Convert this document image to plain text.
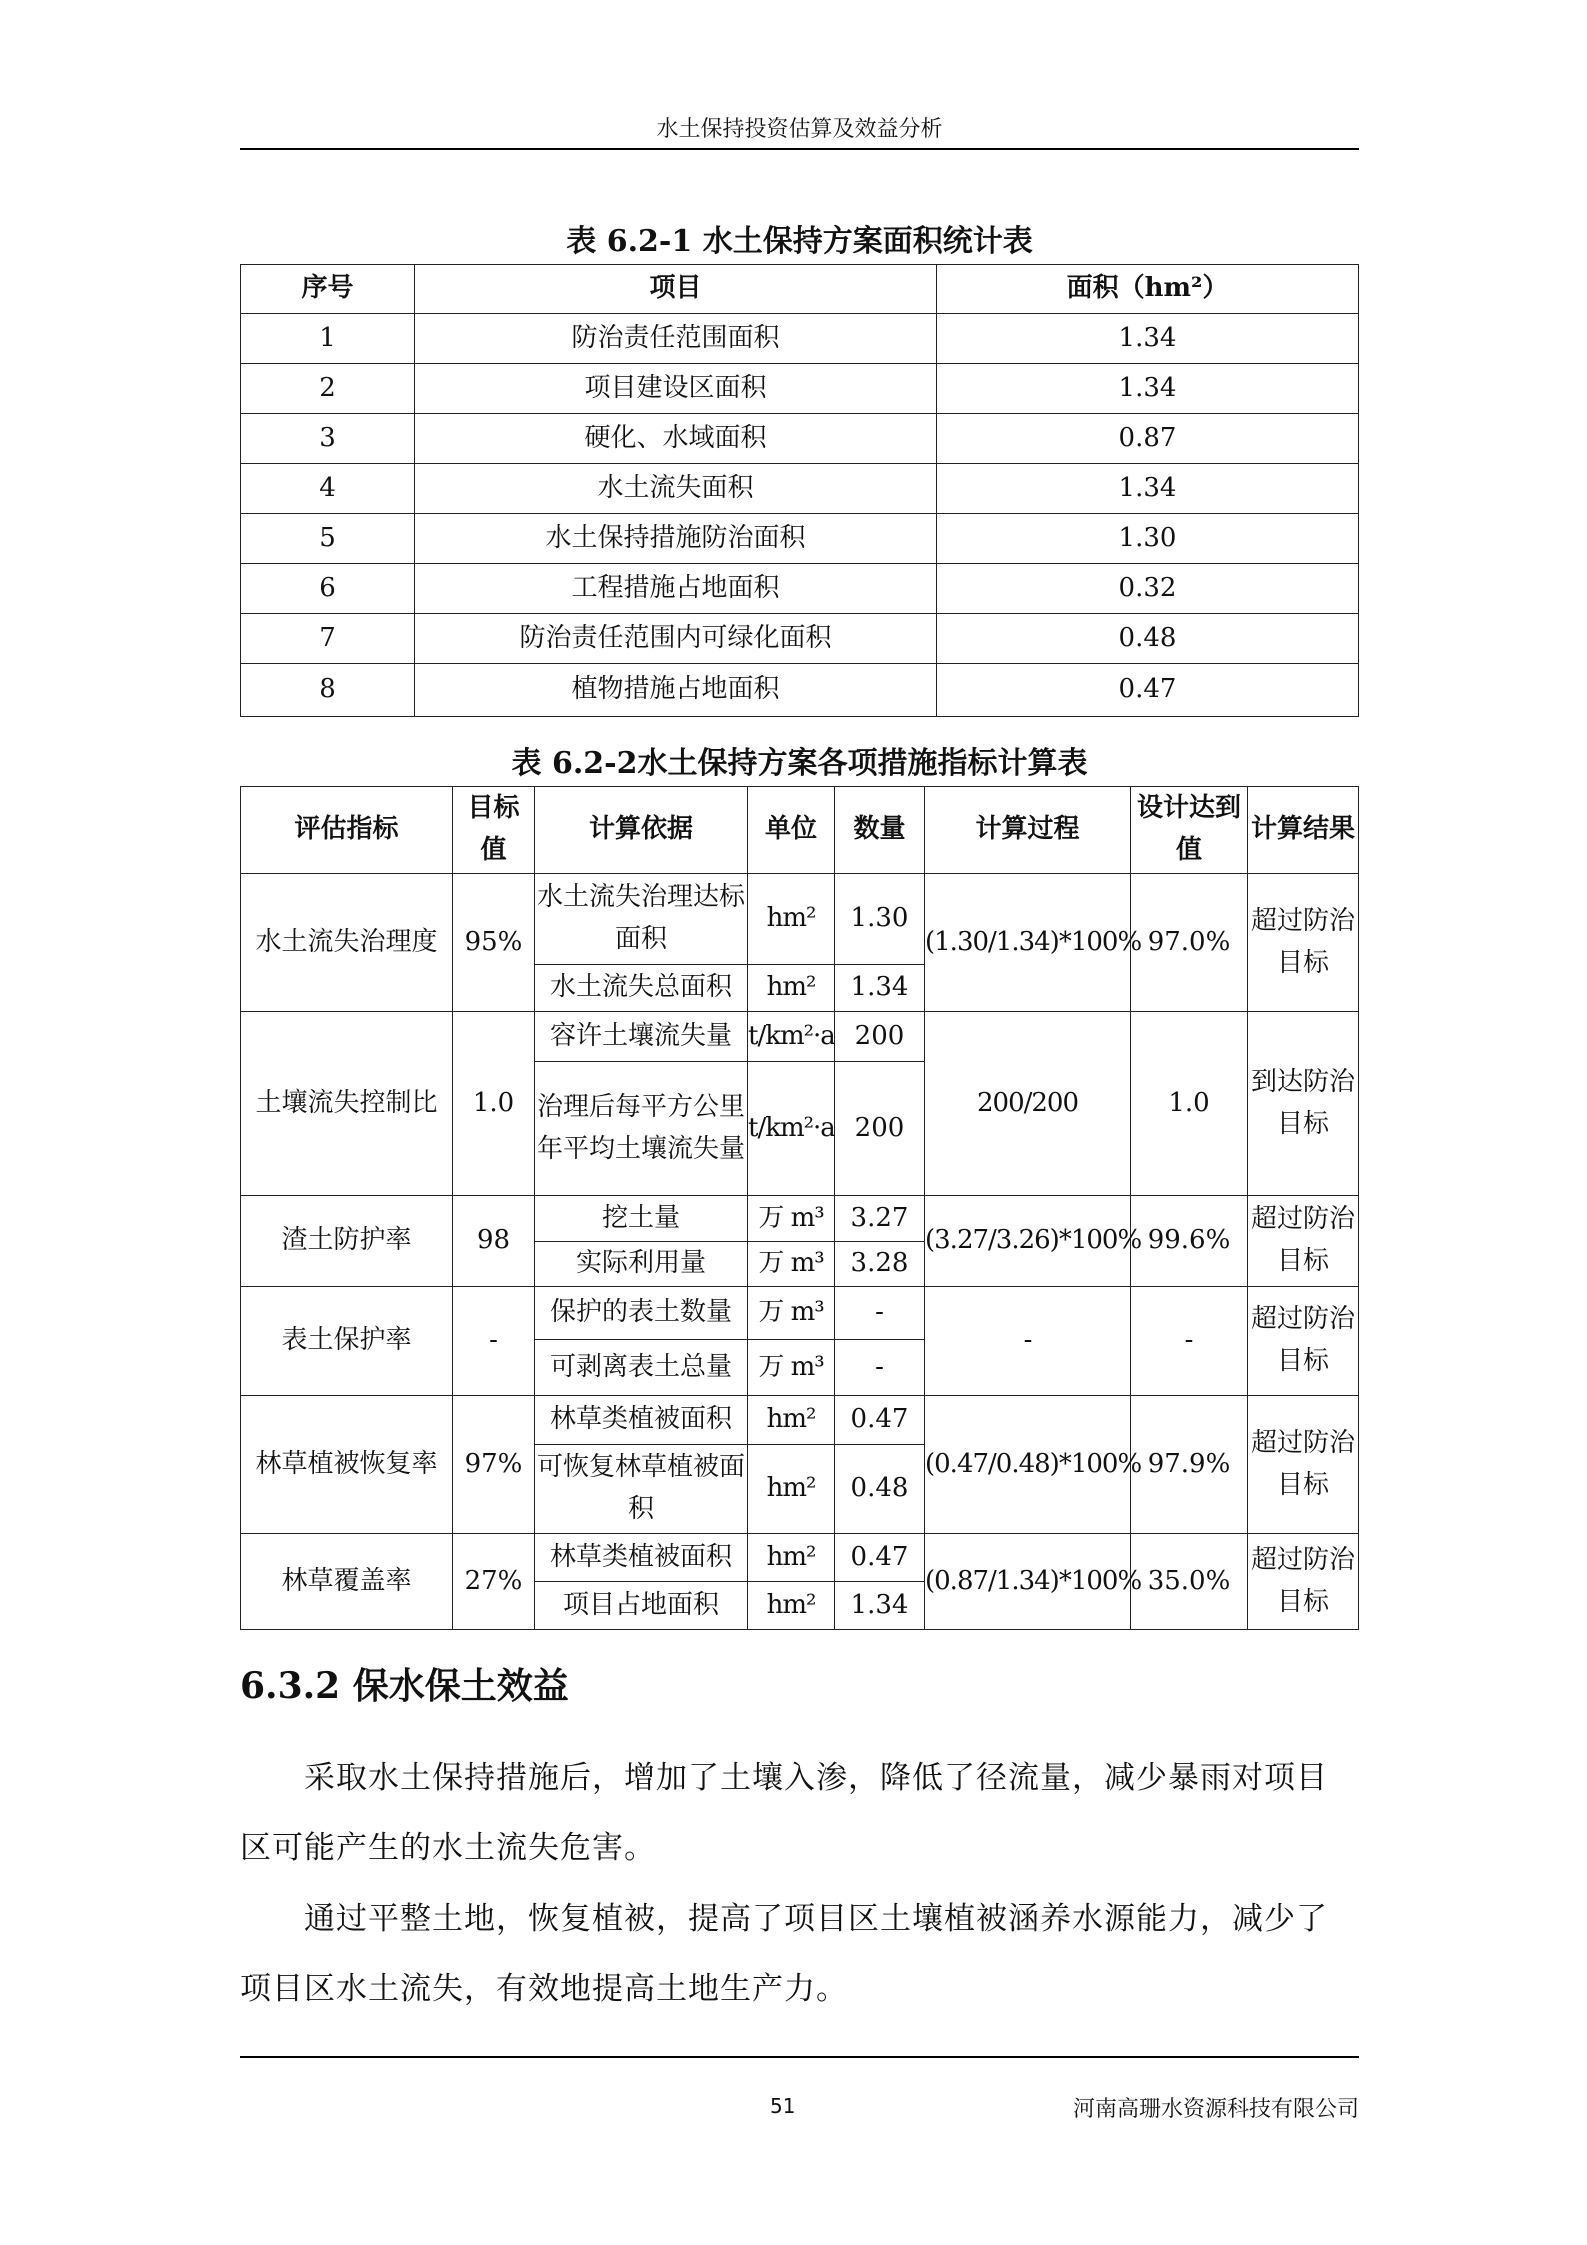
水土保持投资估算及效益分析
表 6.2-1 水土保持方案面积统计表
序号	项目	面积（hm²）
1	防治责任范围面积	1.34
2	项目建设区面积	1.34
3	硬化、水域面积	0.87
4	水土流失面积	1.34
5	水土保持措施防治面积	1.30
6	工程措施占地面积	0.32
7	防治责任范围内可绿化面积	0.48
8	植物措施占地面积	0.47
表 6.2-2水土保持方案各项措施指标计算表
评估指标	目标值	计算依据	单位	数量	计算过程	设计达到值	计算结果
水土流失治理度	95%	水土流失治理达标面积	hm²	1.30	(1.30/1.34)*100%	97.0%	超过防治目标
		水土流失总面积	hm²	1.34			
土壤流失控制比	1.0	容许土壤流失量	t/km²·a	200	200/200	1.0	到达防治目标
		治理后每平方公里年平均土壤流失量	t/km²·a	200			
渣土防护率	98	挖土量	万 m³	3.27	(3.27/3.26)*100%	99.6%	超过防治目标
		实际利用量	万 m³	3.28			
表土保护率	-	保护的表土数量	万 m³	-	-	-	超过防治目标
		可剥离表土总量	万 m³	-			
林草植被恢复率	97%	林草类植被面积	hm²	0.47	(0.47/0.48)*100%	97.9%	超过防治目标
		可恢复林草植被面积	hm²	0.48			
林草覆盖率	27%	林草类植被面积	hm²	0.47	(0.87/1.34)*100%	35.0%	超过防治目标
		项目占地面积	hm²	1.34			
6.3.2 保水保土效益
采取水土保持措施后，增加了土壤入渗，降低了径流量，减少暴雨对项目区可能产生的水土流失危害。
通过平整土地，恢复植被，提高了项目区土壤植被涵养水源能力，减少了项目区水土流失，有效地提高土地生产力。
51	河南高珊水资源科技有限公司
